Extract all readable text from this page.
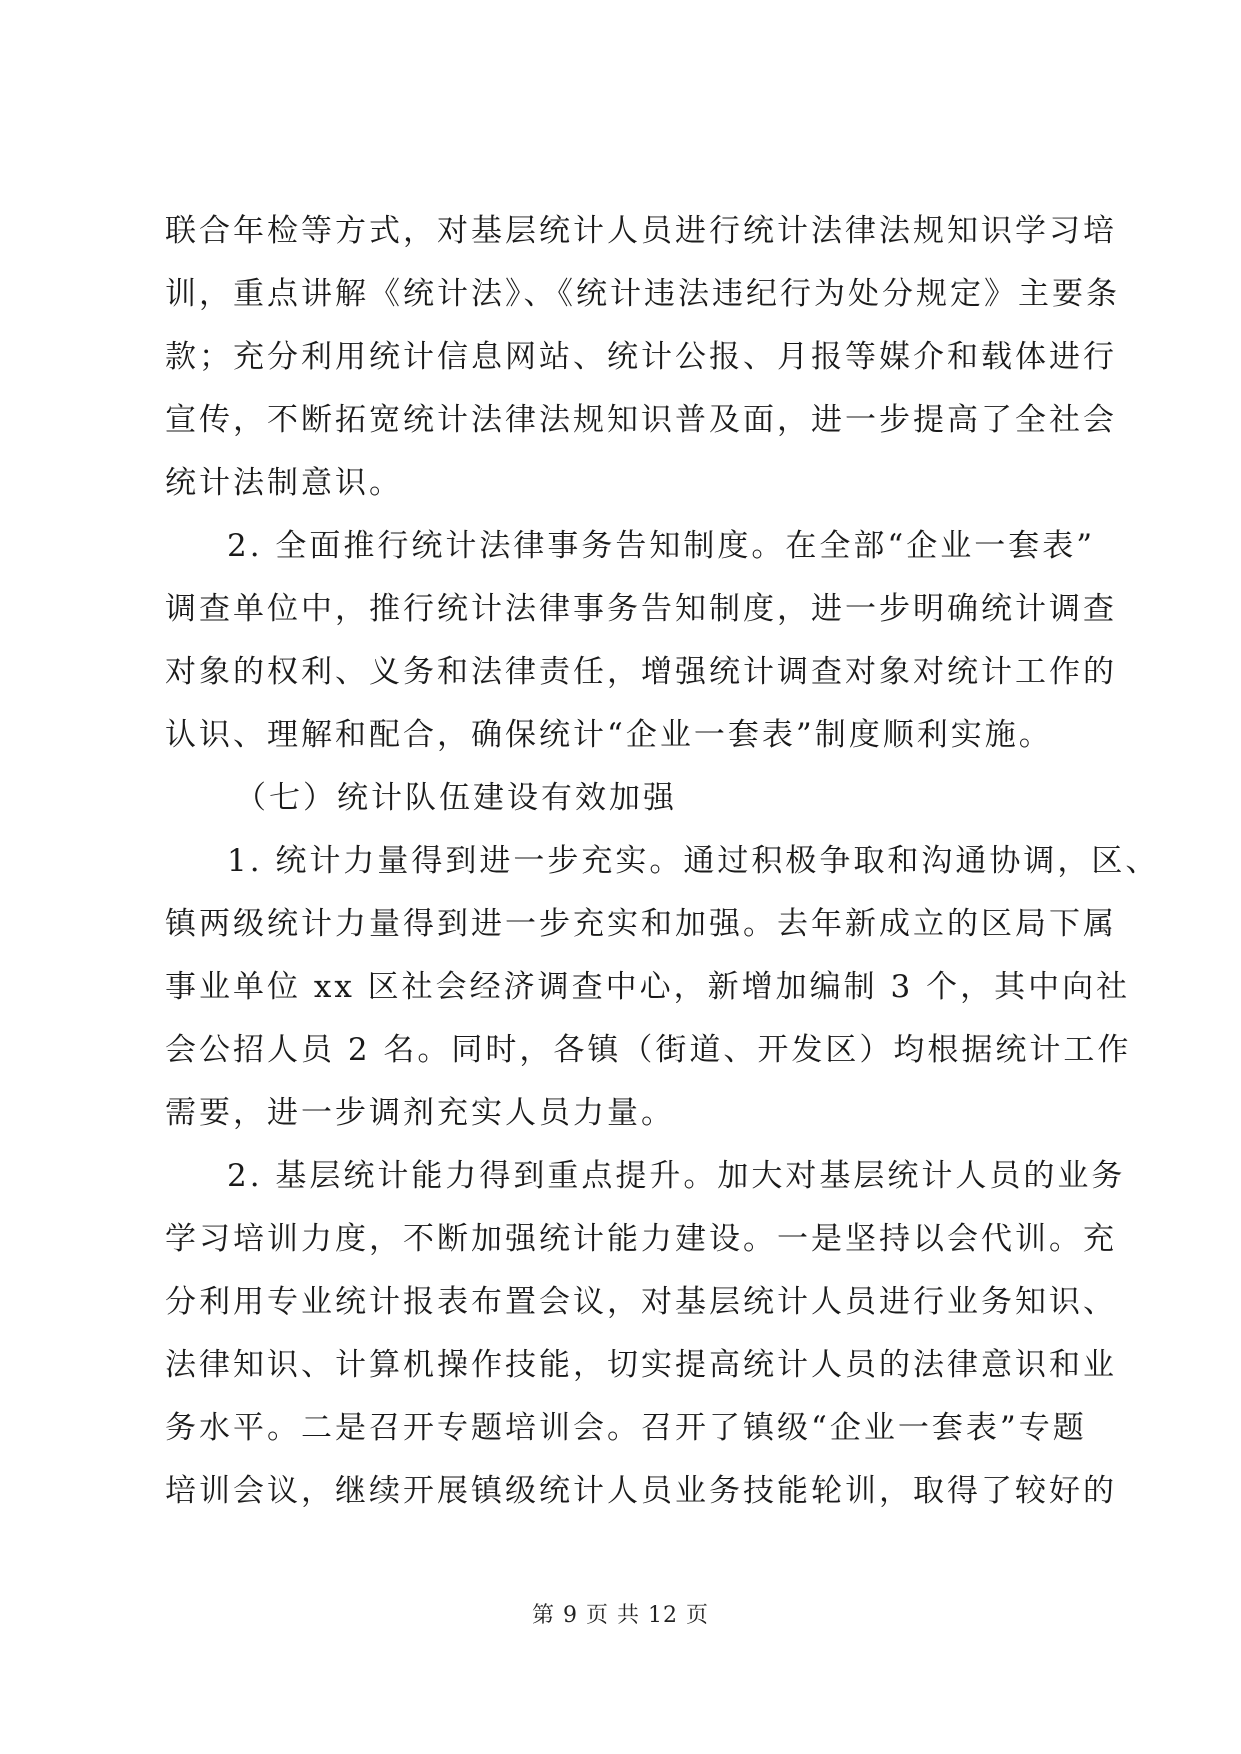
联合年检等方式，对基层统计人员进行统计法律法规知识学习培
训，重点讲解《统计法》、《统计违法违纪行为处分规定》主要条
款；充分利用统计信息网站、统计公报、月报等媒介和载体进行
宣传，不断拓宽统计法律法规知识普及面，进一步提高了全社会
统计法制意识。
2. 全面推行统计法律事务告知制度。在全部“企业一套表”
调查单位中，推行统计法律事务告知制度，进一步明确统计调查
对象的权利、义务和法律责任，增强统计调查对象对统计工作的
认识、理解和配合，确保统计“企业一套表”制度顺利实施。
（七）统计队伍建设有效加强
1. 统计力量得到进一步充实。通过积极争取和沟通协调，区、
镇两级统计力量得到进一步充实和加强。去年新成立的区局下属
事业单位 xx 区社会经济调查中心，新增加编制 3 个，其中向社
会公招人员 2 名。同时，各镇（街道、开发区）均根据统计工作
需要，进一步调剂充实人员力量。
2. 基层统计能力得到重点提升。加大对基层统计人员的业务
学习培训力度，不断加强统计能力建设。一是坚持以会代训。充
分利用专业统计报表布置会议，对基层统计人员进行业务知识、
法律知识、计算机操作技能，切实提高统计人员的法律意识和业
务水平。二是召开专题培训会。召开了镇级“企业一套表”专题
培训会议，继续开展镇级统计人员业务技能轮训，取得了较好的
第 9 页 共 12 页
